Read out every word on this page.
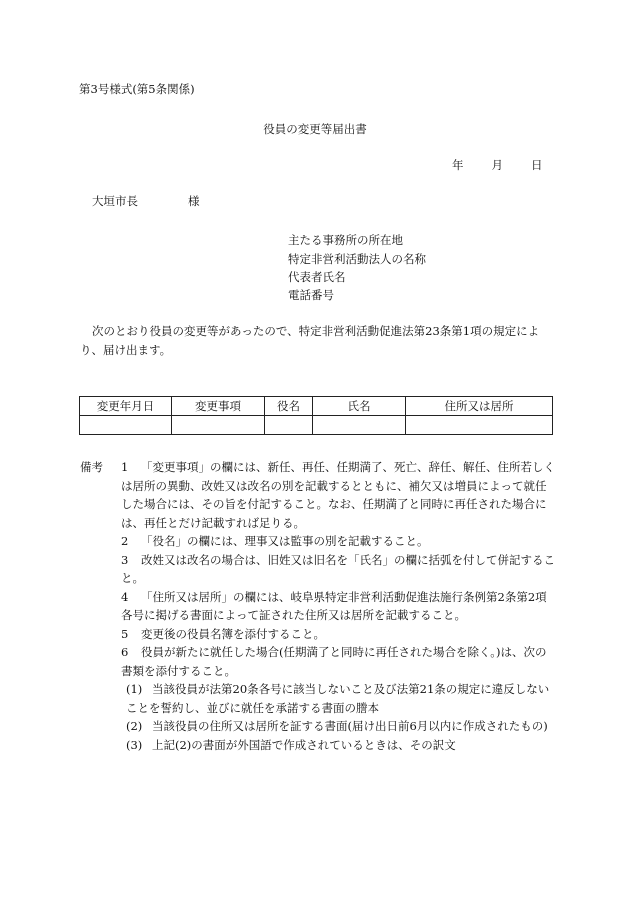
第3号様式(第5条関係)
役員の変更等届出書
年 月 日
大垣市長	様
主たる事務所の所在地
特定非営利活動法人の名称
代表者氏名
電話番号
次のとおり役員の変更等があったので、特定非営利活動促進法第23条第1項の規定により、届け出ます。
変更年月日	変更事項	役名	氏名	住所又は居所

備考 1 「変更事項」の欄には、新任、再任、任期満了、死亡、辞任、解任、住所若しくは居所の異動、改姓又は改名の別を記載するとともに、補欠又は増員によって就任した場合には、その旨を付記すること。なお、任期満了と同時に再任された場合には、再任とだけ記載すれば足りる。
2 「役名」の欄には、理事又は監事の別を記載すること。
3 改姓又は改名の場合は、旧姓又は旧名を「氏名」の欄に括弧を付して併記すること。
4 「住所又は居所」の欄には、岐阜県特定非営利活動促進法施行条例第2条第2項各号に掲げる書面によって証された住所又は居所を記載すること。
5 変更後の役員名簿を添付すること。
6 役員が新たに就任した場合(任期満了と同時に再任された場合を除く。)は、次の書類を添付すること。
(1) 当該役員が法第20条各号に該当しないこと及び法第21条の規定に違反しないことを誓約し、並びに就任を承諾する書面の謄本
(2) 当該役員の住所又は居所を証する書面(届け出日前6月以内に作成されたもの)
(3) 上記(2)の書面が外国語で作成されているときは、その訳文
